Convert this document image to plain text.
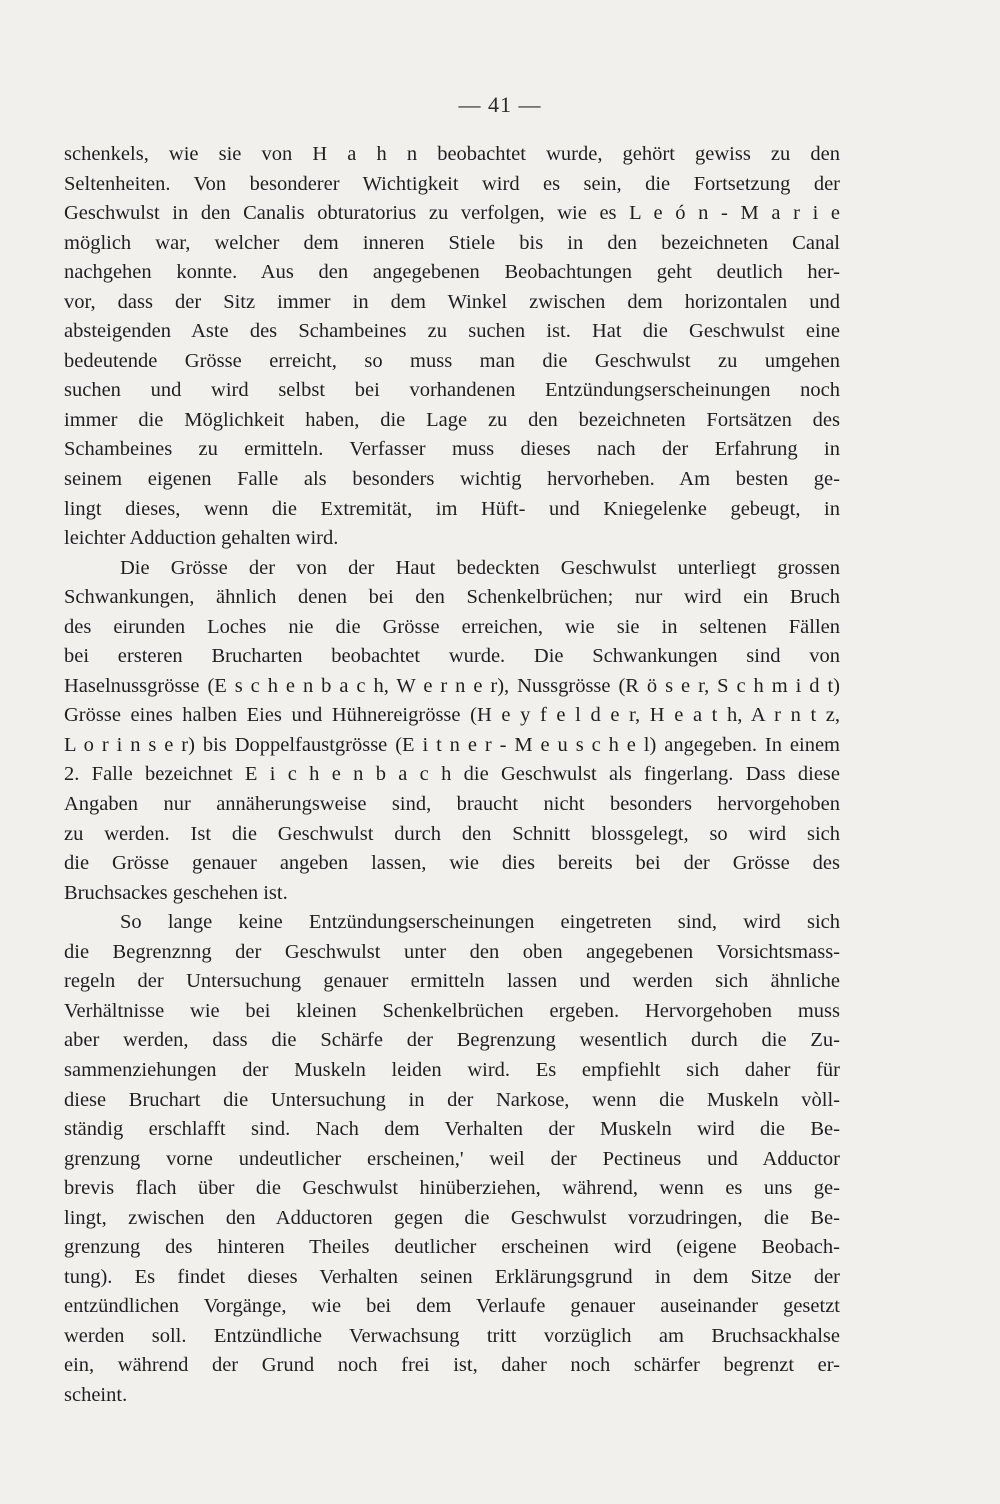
— 41 —
schenkels, wie sie von H a h n beobachtet wurde, gehört gewiss zu den
Seltenheiten. Von besonderer Wichtigkeit wird es sein, die Fortsetzung der
Geschwulst in den Canalis obturatorius zu verfolgen, wie es L e ó n - M a r i e
möglich war, welcher dem inneren Stiele bis in den bezeichneten Canal
nachgehen konnte. Aus den angegebenen Beobachtungen geht deutlich her-
vor, dass der Sitz immer in dem Winkel zwischen dem horizontalen und
absteigenden Aste des Schambeines zu suchen ist. Hat die Geschwulst eine
bedeutende Grösse erreicht, so muss man die Geschwulst zu umgehen
suchen und wird selbst bei vorhandenen Entzündungserscheinungen noch
immer die Möglichkeit haben, die Lage zu den bezeichneten Fortsätzen des
Schambeines zu ermitteln. Verfasser muss dieses nach der Erfahrung in
seinem eigenen Falle als besonders wichtig hervorheben. Am besten ge-
lingt dieses, wenn die Extremität, im Hüft- und Kniegelenke gebeugt, in
leichter Adduction gehalten wird.
Die Grösse der von der Haut bedeckten Geschwulst unterliegt grossen
Schwankungen, ähnlich denen bei den Schenkelbrüchen; nur wird ein Bruch
des eirunden Loches nie die Grösse erreichen, wie sie in seltenen Fällen
bei ersteren Brucharten beobachtet wurde. Die Schwankungen sind von
Haselnussgrösse (E s c h e n b a c h, W e r n e r), Nussgrösse (R ö s e r, S c h m i d t)
Grösse eines halben Eies und Hühnereigrösse (H e y f e l d e r, H e a t h, A r n t z,
L o r i n s e r) bis Doppelfaustgrösse (E i t n e r - M e u s c h e l) angegeben. In einem
2. Falle bezeichnet E i c h e n b a c h die Geschwulst als fingerlang. Dass diese
Angaben nur annäherungsweise sind, braucht nicht besonders hervorgehoben
zu werden. Ist die Geschwulst durch den Schnitt blossgelegt, so wird sich
die Grösse genauer angeben lassen, wie dies bereits bei der Grösse des
Bruchsackes geschehen ist.
So lange keine Entzündungserscheinungen eingetreten sind, wird sich
die Begrenznng der Geschwulst unter den oben angegebenen Vorsichtsmass-
regeln der Untersuchung genauer ermitteln lassen und werden sich ähnliche
Verhältnisse wie bei kleinen Schenkelbrüchen ergeben. Hervorgehoben muss
aber werden, dass die Schärfe der Begrenzung wesentlich durch die Zu-
sammenziehungen der Muskeln leiden wird. Es empfiehlt sich daher für
diese Bruchart die Untersuchung in der Narkose, wenn die Muskeln vòll-
ständig erschlafft sind. Nach dem Verhalten der Muskeln wird die Be-
grenzung vorne undeutlicher erscheinen,' weil der Pectineus und Adductor
brevis flach über die Geschwulst hinüberziehen, während, wenn es uns ge-
lingt, zwischen den Adductoren gegen die Geschwulst vorzudringen, die Be-
grenzung des hinteren Theiles deutlicher erscheinen wird (eigene Beobach-
tung). Es findet dieses Verhalten seinen Erklärungsgrund in dem Sitze der
entzündlichen Vorgänge, wie bei dem Verlaufe genauer auseinander gesetzt
werden soll. Entzündliche Verwachsung tritt vorzüglich am Bruchsackhalse
ein, während der Grund noch frei ist, daher noch schärfer begrenzt er-
scheint.
